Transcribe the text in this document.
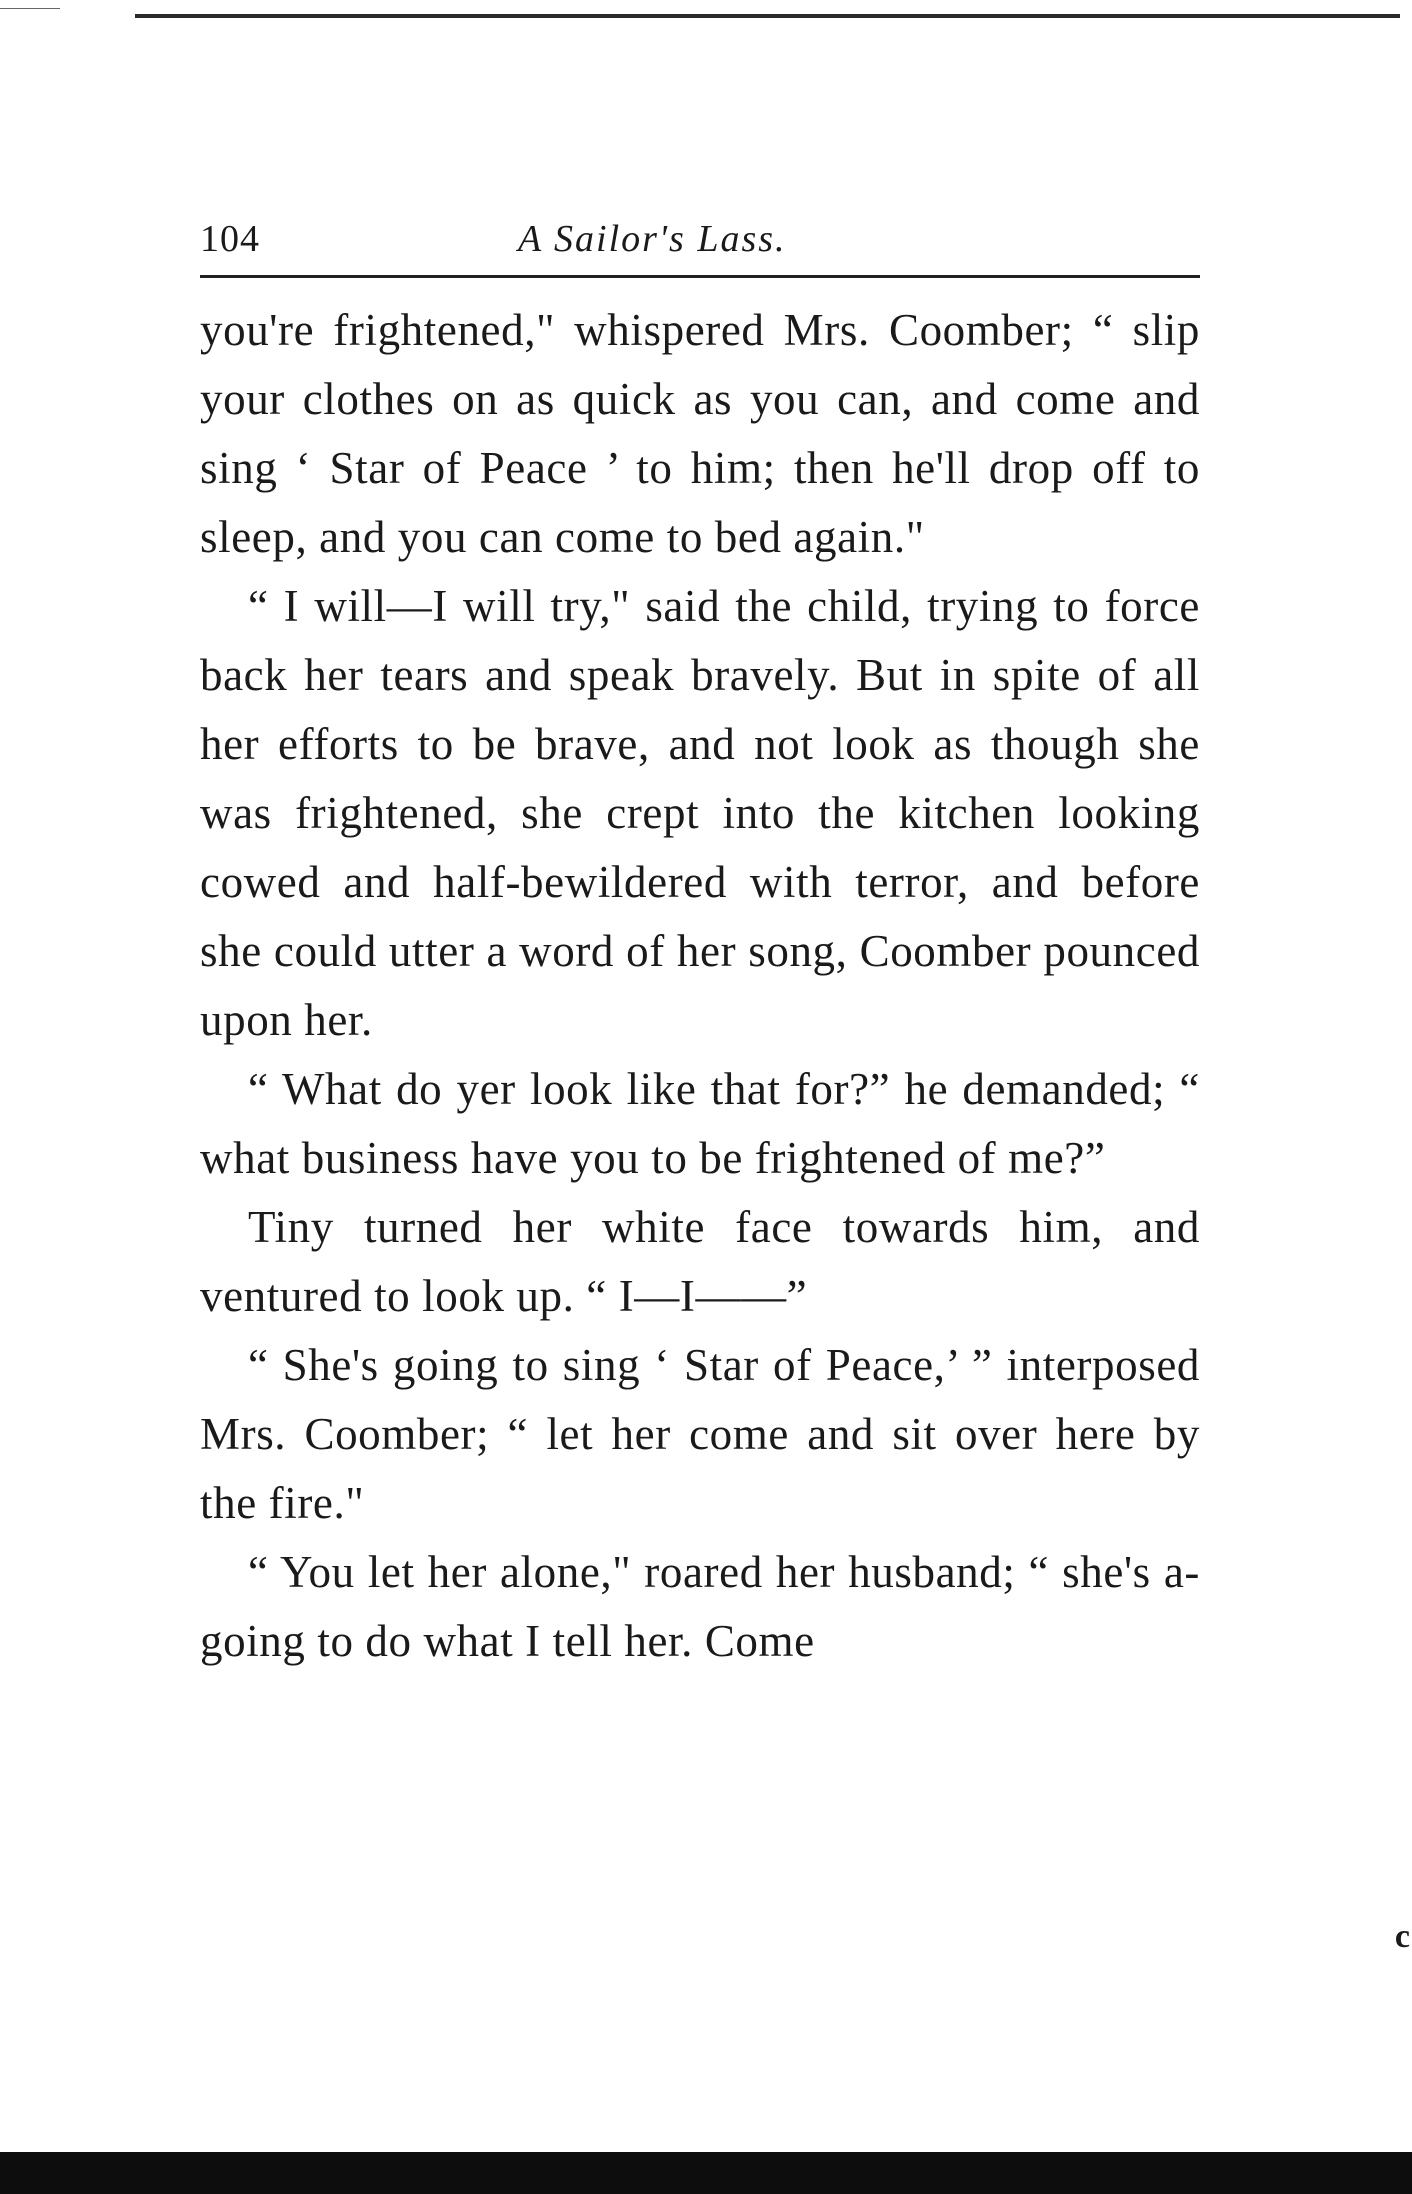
104	A Sailor's Lass.

you're frightened," whispered Mrs. Coomber; “ slip your clothes on as quick as you can, and come and sing ‘ Star of Peace ’ to him; then he'll drop off to sleep, and you can come to bed again."

“ I will—I will try," said the child, trying to force back her tears and speak bravely. But in spite of all her efforts to be brave, and not look as though she was frightened, she crept into the kitchen looking cowed and half-bewildered with terror, and before she could utter a word of her song, Coomber pounced upon her.

“ What do yer look like that for?” he demanded; “ what business have you to be frightened of me?”

Tiny turned her white face towards him, and ventured to look up. “ I—I——”

“ She's going to sing ‘ Star of Peace,’ ” interposed Mrs. Coomber; “ let her come and sit over here by the fire."

“ You let her alone," roared her husband; “ she's a-going to do what I tell her. Come

c
